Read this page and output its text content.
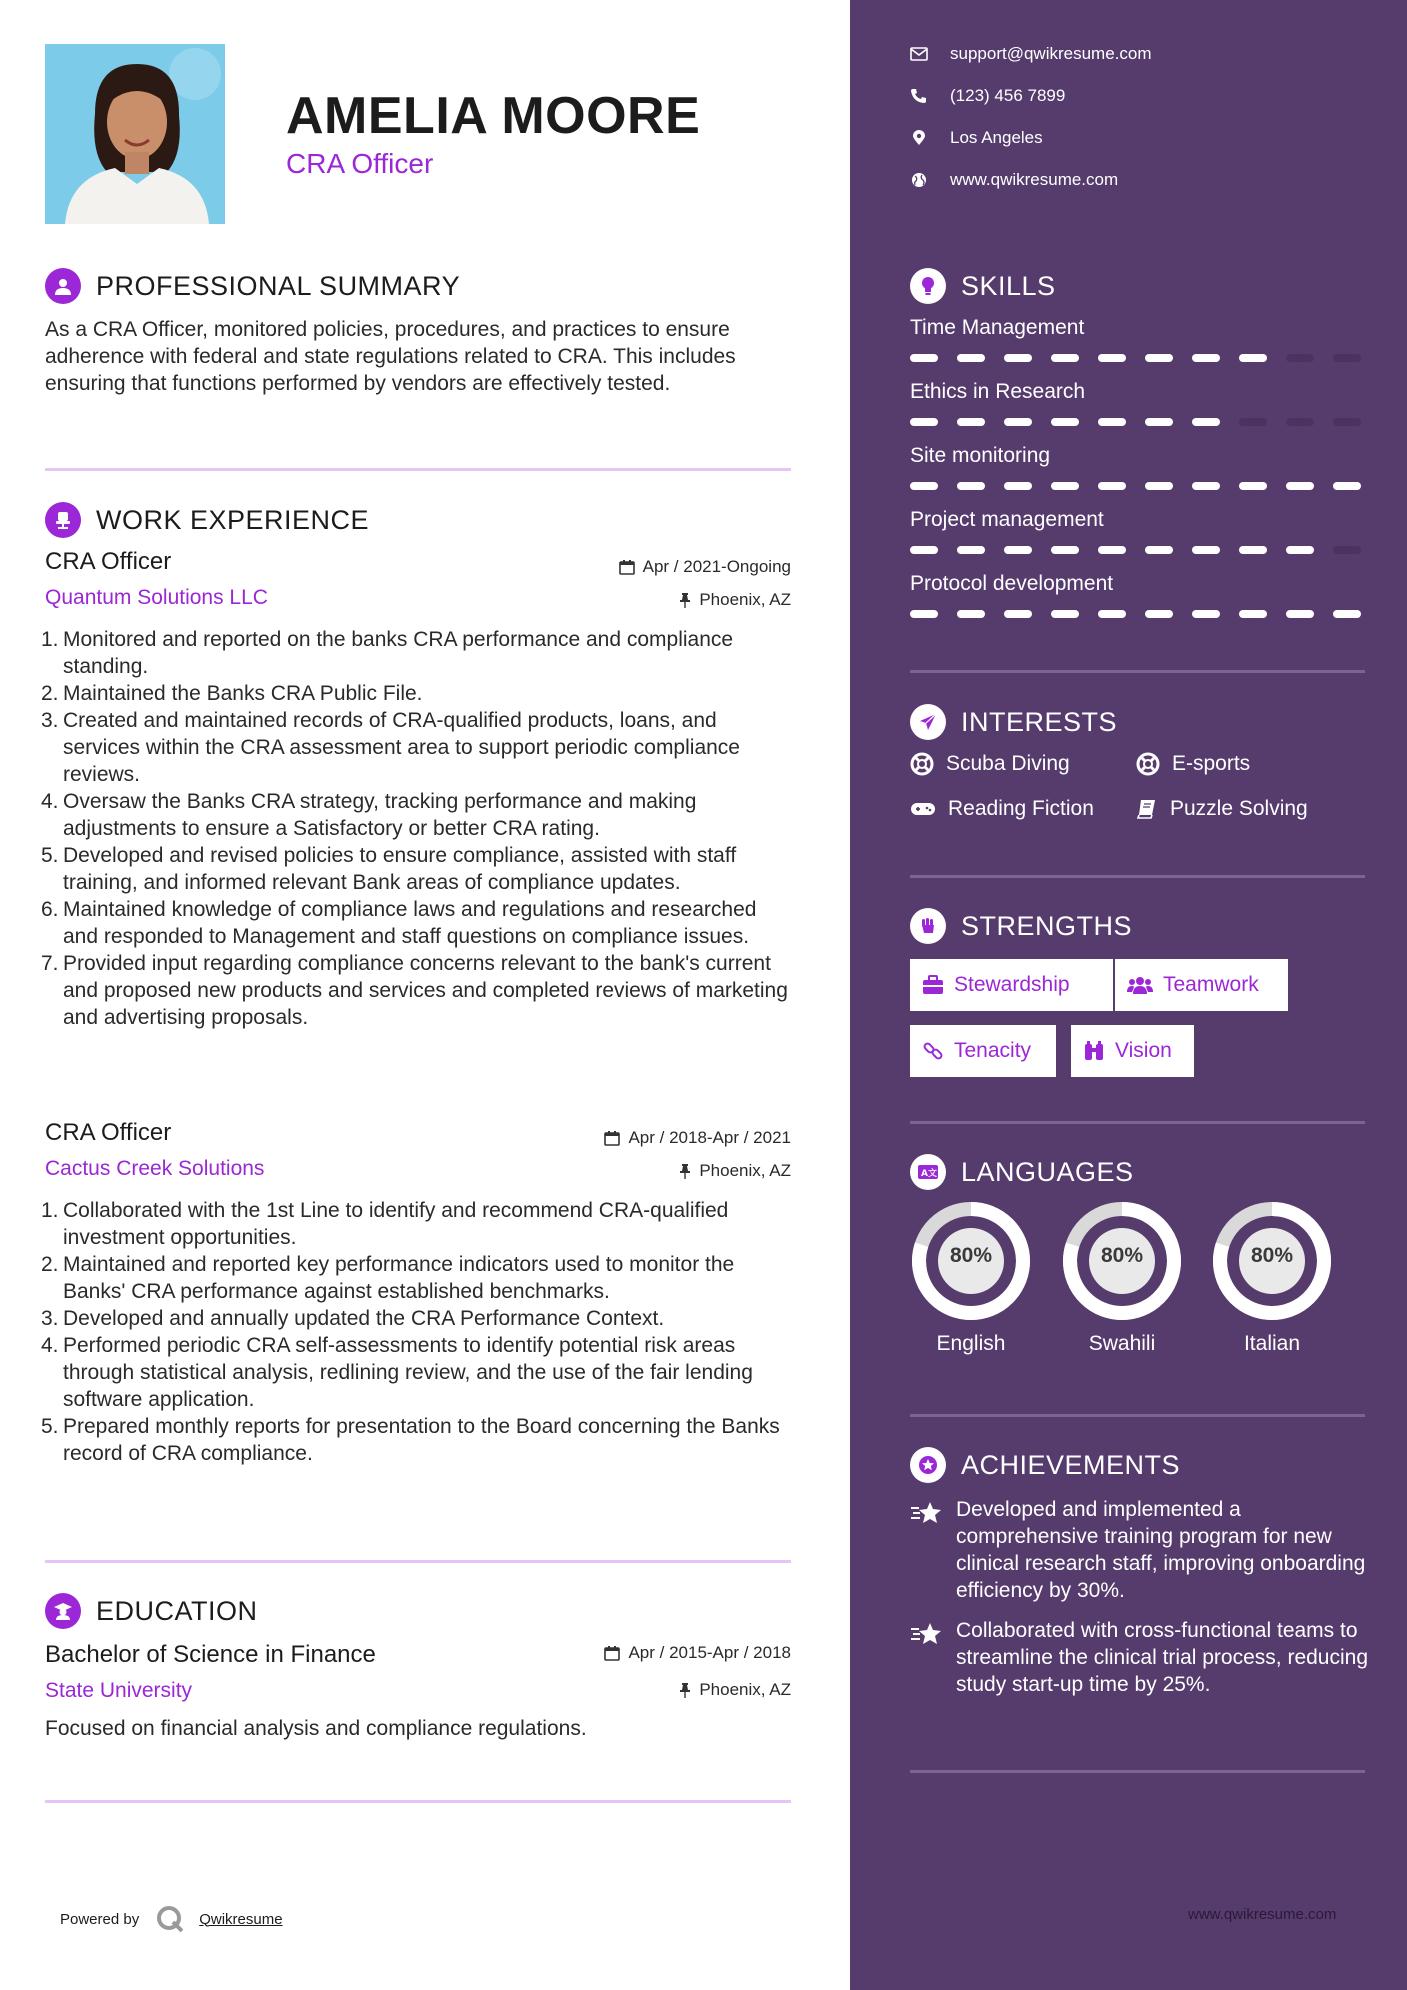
AMELIA MOORE
CRA Officer
PROFESSIONAL SUMMARY
As a CRA Officer, monitored policies, procedures, and practices to ensure adherence with federal and state regulations related to CRA. This includes ensuring that functions performed by vendors are effectively tested.
WORK EXPERIENCE
CRA Officer	Apr / 2021-Ongoing
Quantum Solutions LLC	Phoenix, AZ
1. Monitored and reported on the banks CRA performance and compliance standing.
2. Maintained the Banks CRA Public File.
3. Created and maintained records of CRA-qualified products, loans, and services within the CRA assessment area to support periodic compliance reviews.
4. Oversaw the Banks CRA strategy, tracking performance and making adjustments to ensure a Satisfactory or better CRA rating.
5. Developed and revised policies to ensure compliance, assisted with staff training, and informed relevant Bank areas of compliance updates.
6. Maintained knowledge of compliance laws and regulations and researched and responded to Management and staff questions on compliance issues.
7. Provided input regarding compliance concerns relevant to the bank's current and proposed new products and services and completed reviews of marketing and advertising proposals.
CRA Officer	Apr / 2018-Apr / 2021
Cactus Creek Solutions	Phoenix, AZ
1. Collaborated with the 1st Line to identify and recommend CRA-qualified investment opportunities.
2. Maintained and reported key performance indicators used to monitor the Banks' CRA performance against established benchmarks.
3. Developed and annually updated the CRA Performance Context.
4. Performed periodic CRA self-assessments to identify potential risk areas through statistical analysis, redlining review, and the use of the fair lending software application.
5. Prepared monthly reports for presentation to the Board concerning the Banks record of CRA compliance.
EDUCATION
Bachelor of Science in Finance	Apr / 2015-Apr / 2018
State University	Phoenix, AZ
Focused on financial analysis and compliance regulations.
Powered by	Qwikresume
support@qwikresume.com
(123) 456 7899
Los Angeles
www.qwikresume.com
SKILLS
INTERESTS
Scuba Diving	E-sports
Reading Fiction	Puzzle Solving
STRENGTHS
Stewardship	Teamwork
Tenacity	Vision
A文 LANGUAGES
ACHIEVEMENTS
Developed and implemented a comprehensive training program for new clinical research staff, improving onboarding efficiency by 30%.
Collaborated with cross-functional teams to streamline the clinical trial process, reducing study start-up time by 25%.
www.qwikresume.com
Time Management
Ethics in Research
Site monitoring
Project management
Protocol development
80%
English
80%
Swahili
80%
Italian
